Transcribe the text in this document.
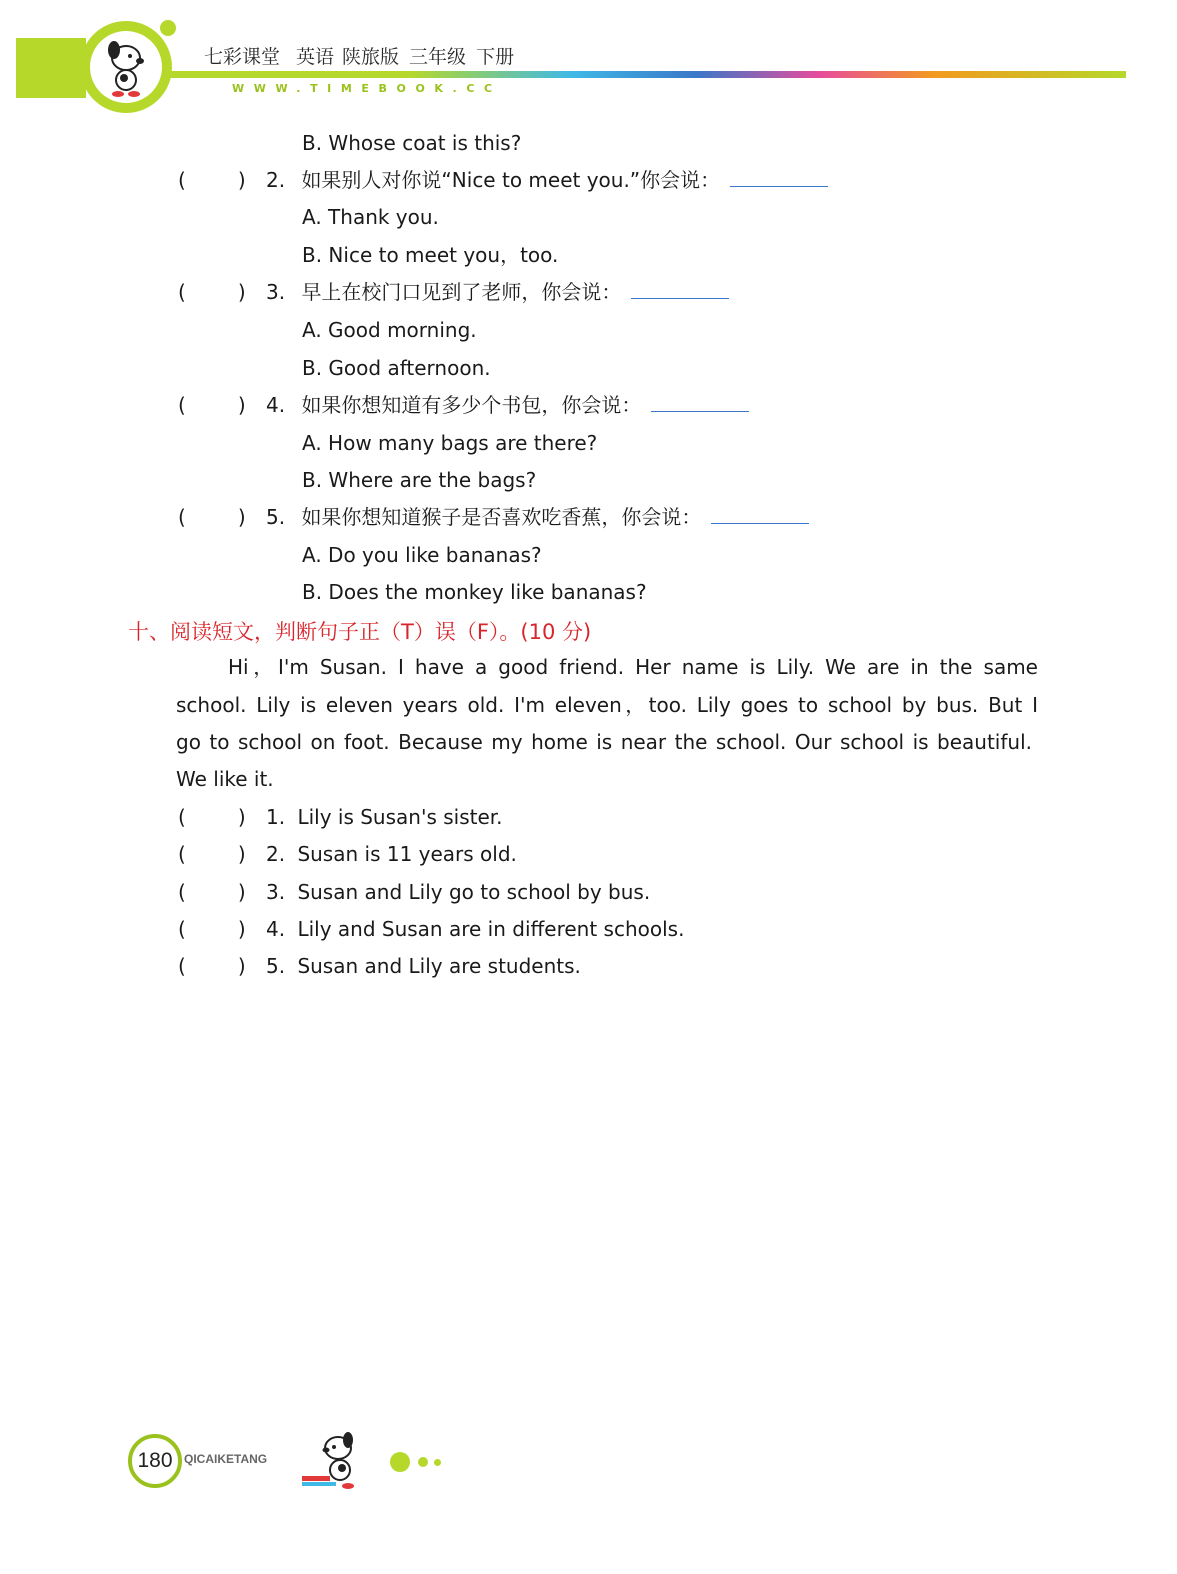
七彩课堂 英语 陕旅版 三年级 下册
WWW.TIMEBOOK.CC
B. Whose coat is this?
(	) 2. 如果别人对你说“Nice to meet you.”你会说：
A. Thank you.
B. Nice to meet you，too.
(	) 3. 早上在校门口见到了老师，你会说：
A. Good morning.
B. Good afternoon.
(	) 4. 如果你想知道有多少个书包，你会说：
A. How many bags are there?
B. Where are the bags?
(	) 5. 如果你想知道猴子是否喜欢吃香蕉，你会说：
A. Do you like bananas?
B. Does the monkey like bananas?
十、阅读短文，判断句子正（T）误（F）。(10 分)
Hi，I'm Susan. I have a good friend. Her name is Lily. We are in the same
school. Lily is eleven years old. I'm eleven，too. Lily goes to school by bus. But I
go to school on foot. Because my home is near the school. Our school is beautiful.
We like it.
(	) 1. Lily is Susan's sister.
(	) 2. Susan is 11 years old.
(	) 3. Susan and Lily go to school by bus.
(	) 4. Lily and Susan are in different schools.
(	) 5. Susan and Lily are students.
180 QICAIKETANG
